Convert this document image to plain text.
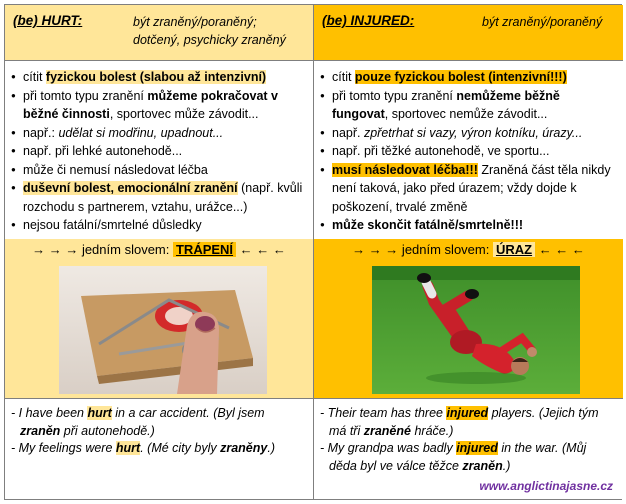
(be) HURT:	být zraněný/poraněný;
dotčený, psychicky zraněný
● cítit fyzickou bolest (slabou až intenzivní)
● při tomto typu zranění můžeme pokračovat v běžné činnosti, sportovec může závodit...
● např.: udělat si modřinu, upadnout...
● např. při lehké autonehodě...
● může či nemusí následovat léčba
● duševní bolest, emocionální zranění (např. kvůli rozchodu s partnerem, vztahu, urážce...)
● nejsou fatální/smrtelné důsledky
→ → → jedním slovem: TRÁPENÍ ← ← ←

- I have been hurt in a car accident. (Byl jsem zraněn při autonehodě.)

- My feelings were hurt. (Mé city byly zraněny.)

(be) INJURED:	být zraněný/poraněný
● cítit pouze fyzickou bolest (intenzivní!!!)
● při tomto typu zranění nemůžeme běžně fungovat, sportovec nemůže závodit...
● např. zpřetrhat si vazy, výron kotníku, úrazy...
● např. při těžké autonehodě, ve sportu...
● musí následovat léčba!!! Zraněná část těla nikdy není taková, jako před úrazem; vždy dojde k poškození, trvalé změně
● může skončit fatálně/smrtelně!!!
→ → → jedním slovem: ÚRAZ ← ← ←

- Their team has three injured players. (Jejich tým má tři zraněné hráče.)

- My grandpa was badly injured in the war. (Můj děda byl ve válce těžce zraněn.)

www.anglictinajasne.cz
